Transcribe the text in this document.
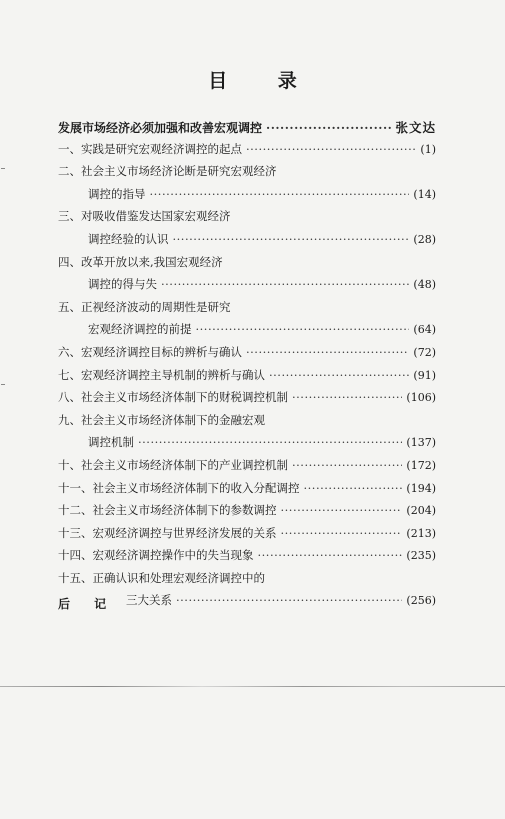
目 录
发展市场经济必须加强和改善宏观调控 ·····	张文达
一、实践是研究宏观经济调控的起点 ·····	(1)
二、社会主义市场经济论断是研究宏观经济
调控的指导 ·····	(14)
三、对吸收借鉴发达国家宏观经济
调控经验的认识 ·····	(28)
四、改革开放以来,我国宏观经济
调控的得与失 ·····	(48)
五、正视经济波动的周期性是研究
宏观经济调控的前提 ·····	(64)
六、宏观经济调控目标的辨析与确认 ·····	(72)
七、宏观经济调控主导机制的辨析与确认 ·····	(91)
八、社会主义市场经济体制下的财税调控机制 ·····	(106)
九、社会主义市场经济体制下的金融宏观
调控机制 ·····	(137)
十、社会主义市场经济体制下的产业调控机制 ·····	(172)
十一、社会主义市场经济体制下的收入分配调控 ·····	(194)
十二、社会主义市场经济体制下的参数调控 ·····	(204)
十三、宏观经济调控与世界经济发展的关系 ·····	(213)
十四、宏观经济调控操作中的失当现象 ·····	(235)
十五、正确认识和处理宏观经济调控中的
三大关系 ·····	(256)
后 记
